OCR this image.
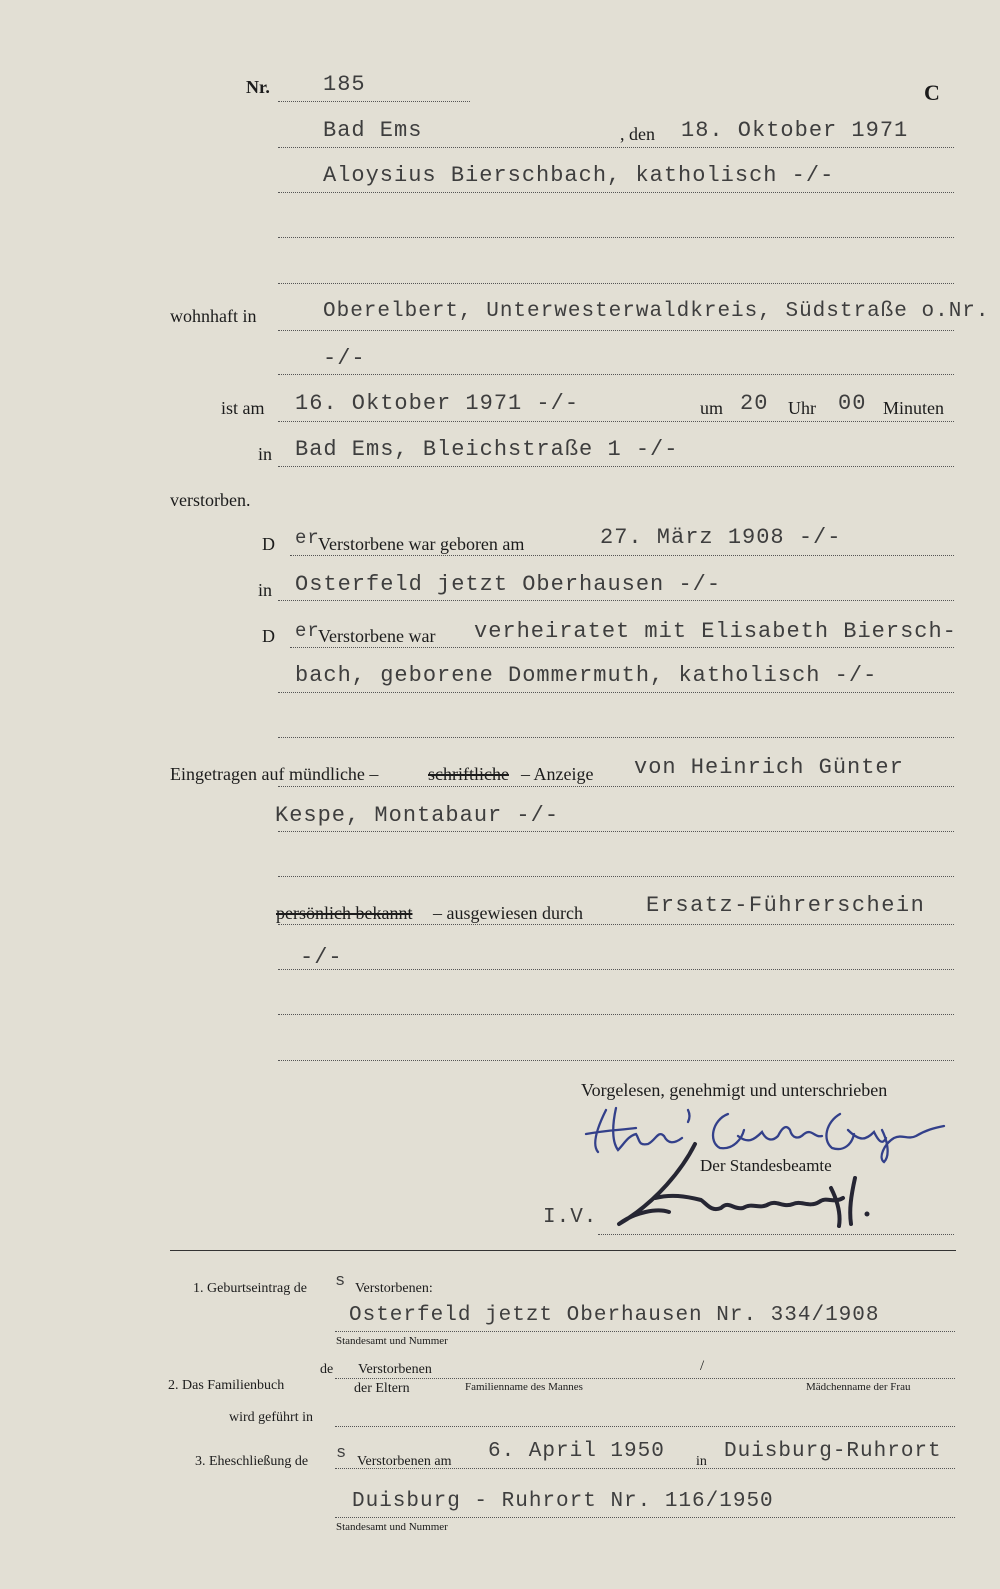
Nr. 185	C
Bad Ems	, den 18. Oktober 1971
Aloysius Bierschbach, katholisch -/-
wohnhaft in	Oberelbert, Unterwesterwaldkreis, Südstraße o.Nr.
-/-
ist am 16. Oktober 1971 -/-	um 20 Uhr 00 Minuten
in Bad Ems, Bleichstraße 1 -/-
verstorben.
D er
Verstorbene war geboren am	27. März 1908 -/-
in Osterfeld jetzt Oberhausen -/-
D er
Verstorbene war verheiratet mit Elisabeth Biersch-
bach, geborene Dommermuth, katholisch -/-
Eingetragen auf mündliche –	schriftliche – Anzeige von Heinrich Günter
Kespe, Montabaur -/-
persönlich bekannt – ausgewiesen durch	Ersatz-Führerschein
-/-
Vorgelesen, genehmigt und unterschrieben
Der Standesbeamte
I.V.
1. Geburtseintrag de s Verstorbenen:
Osterfeld jetzt Oberhausen Nr. 334/1908
Standesamt und Nummer
de Verstorbenen	/
2. Das Familienbuch	der Eltern	Familienname des Mannes	Mädchenname der Frau
wird geführt in
3. Eheschließung de s Verstorbenen am 6. April 1950 in Duisburg-Ruhrort
Duisburg - Ruhrort Nr. 116/1950
Standesamt und Nummer
